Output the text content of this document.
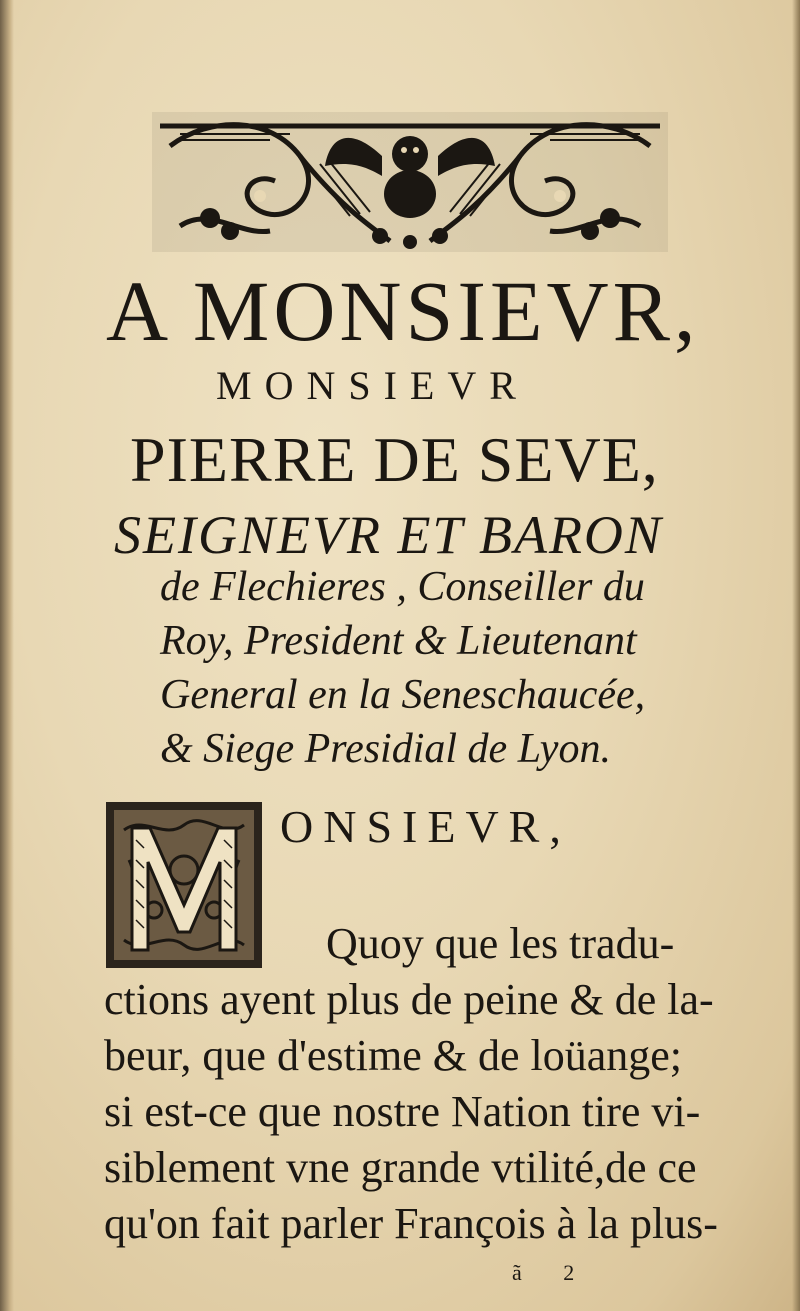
A MONSIEVR,
MONSIEVR
PIERRE DE SEVE,
SEIGNEVR ET BARON
de Flechieres , Conseiller du
Roy, President & Lieutenant
General en la Seneschaucée,
& Siege Presidial de Lyon.
ONSIEVR,
Quoy que les tradu-
ctions ayent plus de peine & de la-
beur, que d'estime & de loüange;
si est-ce que nostre Nation tire vi-
siblement vne grande vtilité,de ce
qu'on fait parler François à la plus-
ã 2
